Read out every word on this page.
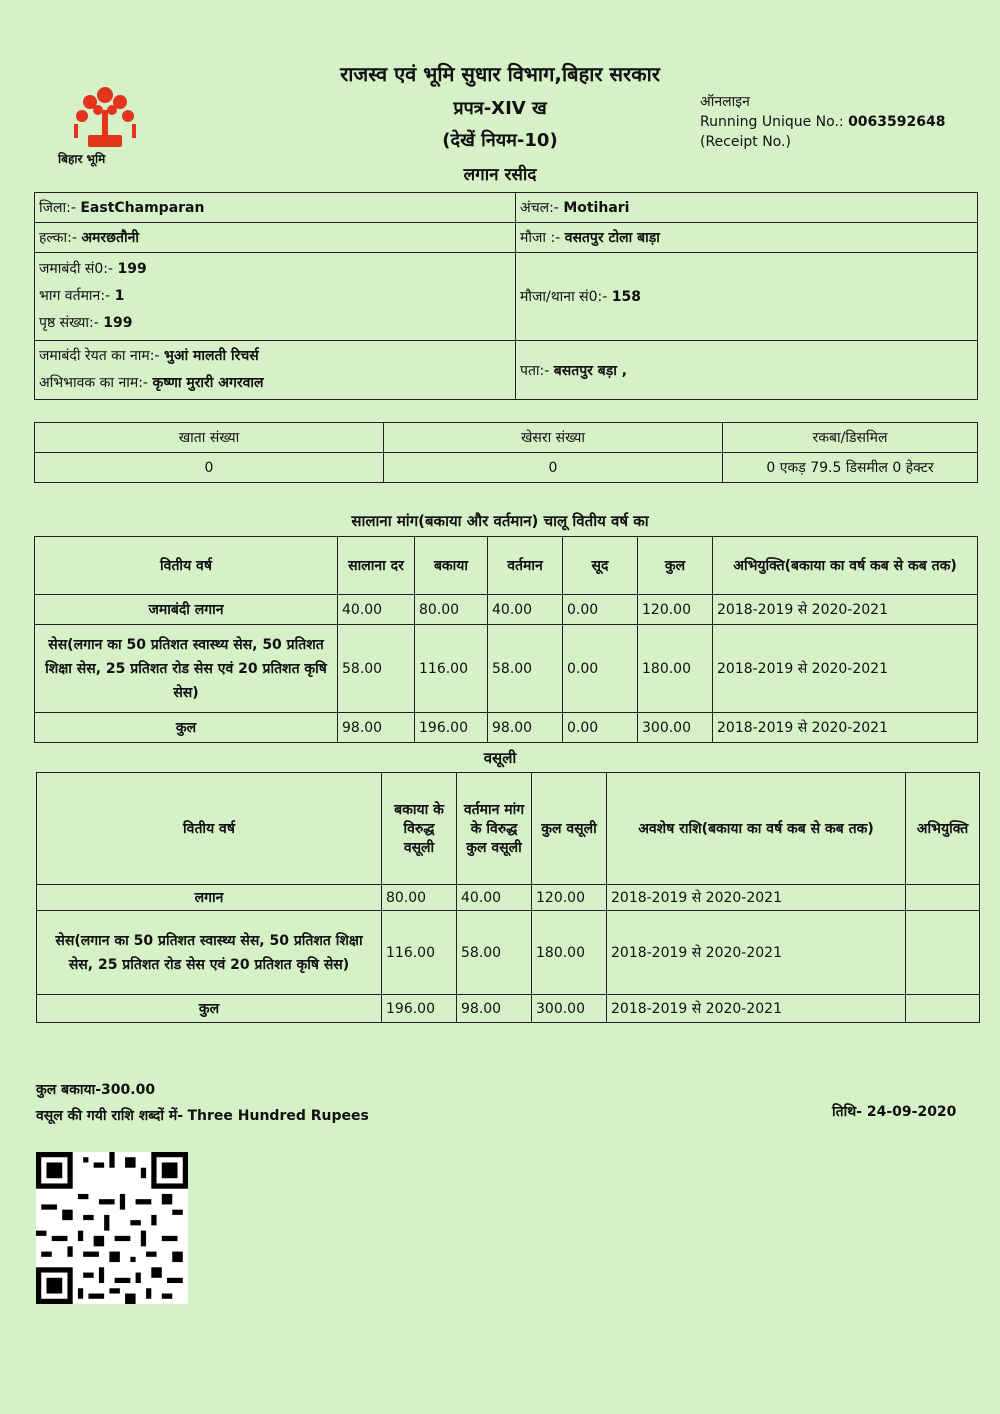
बिहार भूमि
राजस्व एवं भूमि सुधार विभाग,बिहार सरकार
प्रपत्र-XIV ख
(देखें नियम-10)
लगान रसीद
ऑनलाइन
Running Unique No.: 0063592648
(Receipt No.)
जिला:- EastChamparan	अंचल:- Motihari
हल्का:- अमरछतौनी	मौजा :- वसतपुर टोला बाड़ा

जमाबंदी सं0:- 199
भाग वर्तमान:- 1
पृष्ठ संख्या:- 199	मौजा/थाना सं0:- 158

जमाबंदी रेयत का नाम:- भुआं मालती रिचर्स
अभिभावक का नाम:- कृष्णा मुरारी अगरवाल	पता:- बसतपुर बड़ा ,
खाता संख्या	खेसरा संख्या	रकबा/डिसमिल
0	0	0 एकड़ 79.5 डिसमील 0 हेक्टर
सालाना मांग(बकाया और वर्तमान) चालू वितीय वर्ष का
वितीय वर्ष	सालाना दर	बकाया	वर्तमान	सूद	कुल	अभियुक्ति(बकाया का वर्ष कब से कब तक)
जमाबंदी लगान	40.00	80.00	40.00	0.00	120.00	2018-2019 से 2020-2021
सेस(लगान का 50 प्रतिशत स्वास्थ्य सेस, 50 प्रतिशत शिक्षा सेस, 25 प्रतिशत रोड सेस एवं 20 प्रतिशत कृषि सेस)	58.00	116.00	58.00	0.00	180.00	2018-2019 से 2020-2021
कुल	98.00	196.00	98.00	0.00	300.00	2018-2019 से 2020-2021
वसूली
वितीय वर्ष	बकाया के विरुद्ध वसूली	वर्तमान मांग के विरुद्ध कुल वसूली	कुल वसूली	अवशेष राशि(बकाया का वर्ष कब से कब तक)	अभियुक्ति
लगान	80.00	40.00	120.00	2018-2019 से 2020-2021	
सेस(लगान का 50 प्रतिशत स्वास्थ्य सेस, 50 प्रतिशत शिक्षा सेस, 25 प्रतिशत रोड सेस एवं 20 प्रतिशत कृषि सेस)	116.00	58.00	180.00	2018-2019 से 2020-2021	
कुल	196.00	98.00	300.00	2018-2019 से 2020-2021	
कुल बकाया-300.00
वसूल की गयी राशि शब्दों में- Three Hundred Rupees	तिथि- 24-09-2020
